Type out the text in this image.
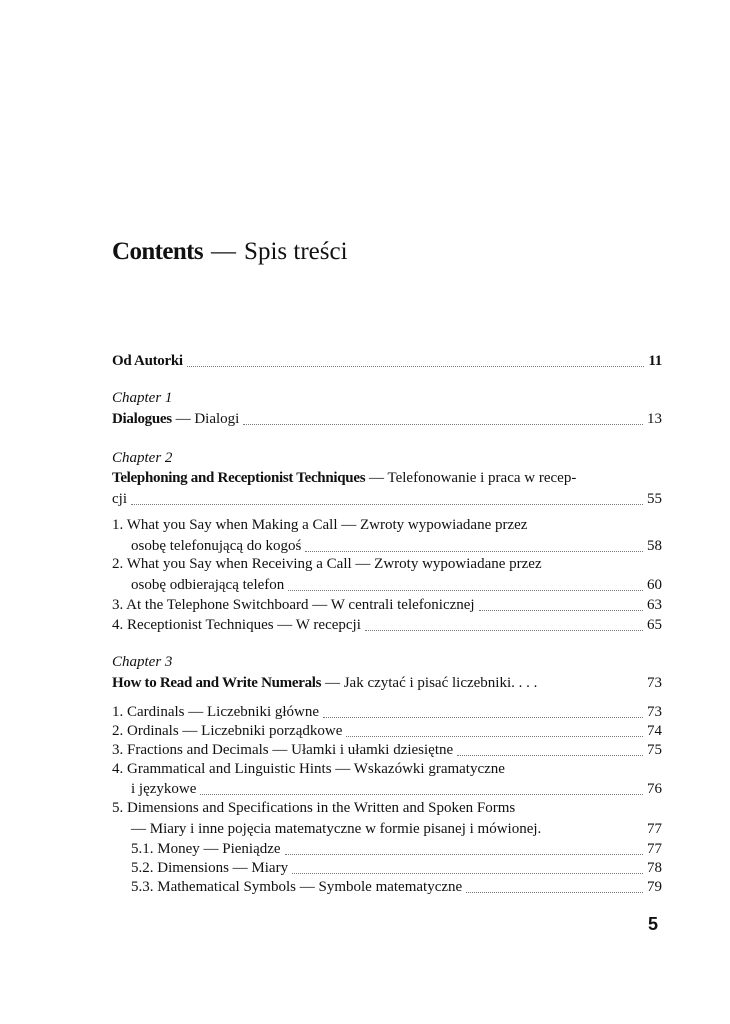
Contents — Spis treści
Od Autorki	11
Chapter 1
Dialogues — Dialogi	13
Chapter 2
Telephoning and Receptionist Techniques — Telefonowanie i praca w recep-
cji	55
1. What you Say when Making a Call — Zwroty wypowiadane przez
osobę telefonującą do kogoś	58
2. What you Say when Receiving a Call — Zwroty wypowiadane przez
osobę odbierającą telefon	60
3. At the Telephone Switchboard — W centrali telefonicznej	63
4. Receptionist Techniques — W recepcji	65
Chapter 3
How to Read and Write Numerals — Jak czytać i pisać liczebniki. . . .	73
1. Cardinals — Liczebniki główne	73
2. Ordinals — Liczebniki porządkowe	74
3. Fractions and Decimals — Ułamki i ułamki dziesiętne	75
4. Grammatical and Linguistic Hints — Wskazówki gramatyczne
i językowe	76
5. Dimensions and Specifications in the Written and Spoken Forms
— Miary i inne pojęcia matematyczne w formie pisanej i mówionej.	77
5.1. Money — Pieniądze	77
5.2. Dimensions — Miary	78
5.3. Mathematical Symbols — Symbole matematyczne	79
5
